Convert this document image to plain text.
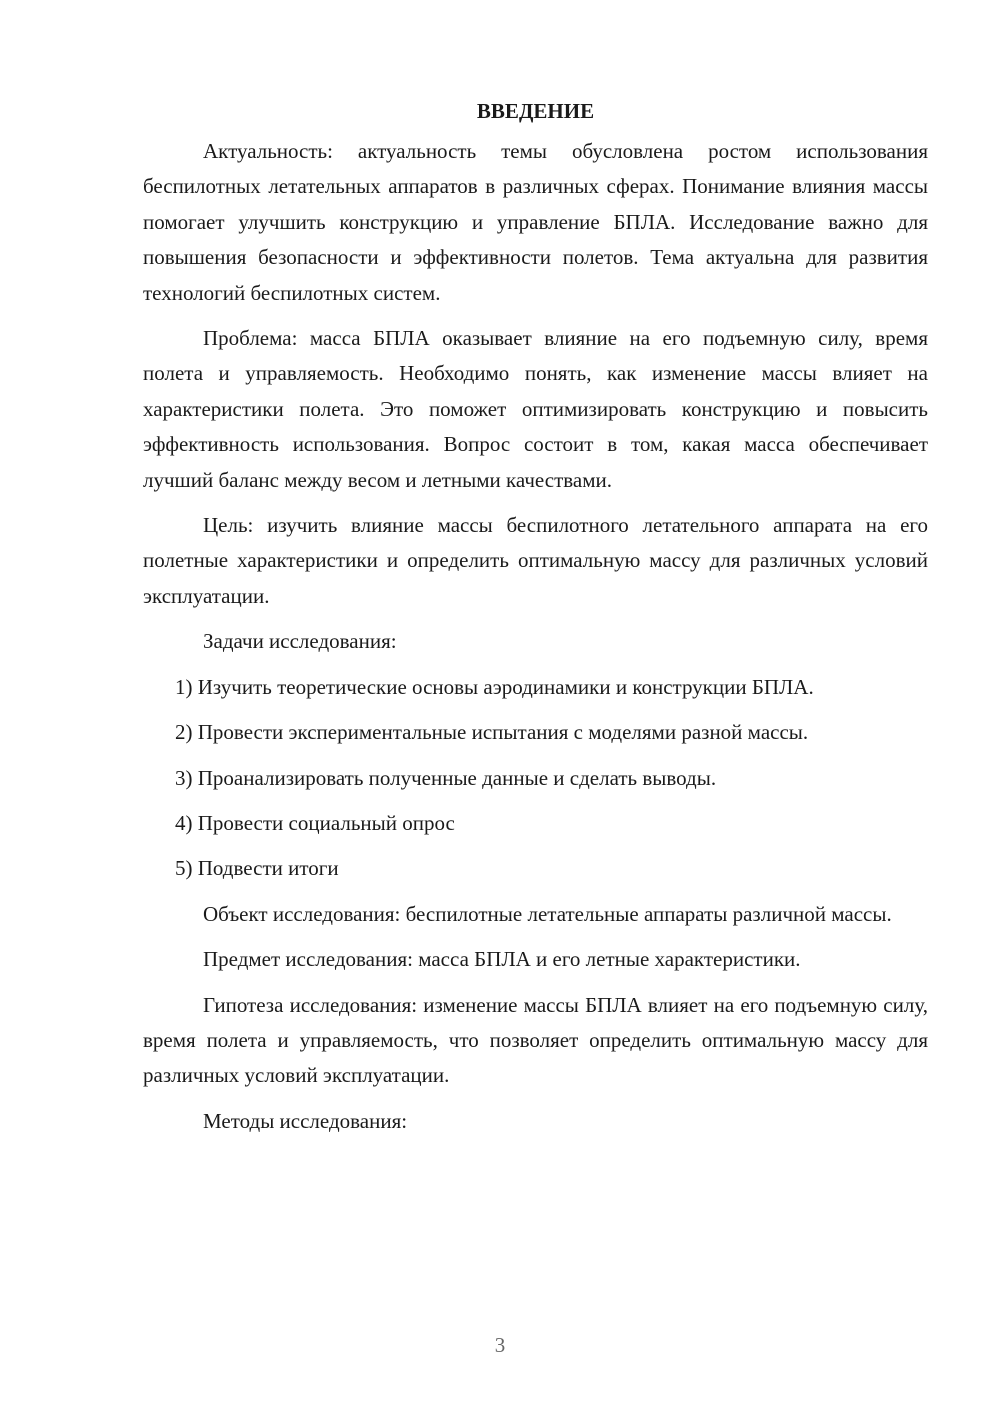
ВВЕДЕНИЕ

Актуальность: актуальность темы обусловлена ростом использования беспилотных летательных аппаратов в различных сферах. Понимание влияния массы помогает улучшить конструкцию и управление БПЛА. Исследование важно для повышения безопасности и эффективности полетов. Тема актуальна для развития технологий беспилотных систем.

Проблема: масса БПЛА оказывает влияние на его подъемную силу, время полета и управляемость. Необходимо понять, как изменение массы влияет на характеристики полета. Это поможет оптимизировать конструкцию и повысить эффективность использования. Вопрос состоит в том, какая масса обеспечивает лучший баланс между весом и летными качествами.

Цель: изучить влияние массы беспилотного летательного аппарата на его полетные характеристики и определить оптимальную массу для различных условий эксплуатации.

Задачи исследования:

1) Изучить теоретические основы аэродинамики и конструкции БПЛА.

2) Провести экспериментальные испытания с моделями разной массы.

3) Проанализировать полученные данные и сделать выводы.

4) Провести социальный опрос

5) Подвести итоги

Объект исследования: беспилотные летательные аппараты различной массы.

Предмет исследования: масса БПЛА и его летные характеристики.

Гипотеза исследования: изменение массы БПЛА влияет на его подъемную силу, время полета и управляемость, что позволяет определить оптимальную массу для различных условий эксплуатации.

Методы исследования:

3
